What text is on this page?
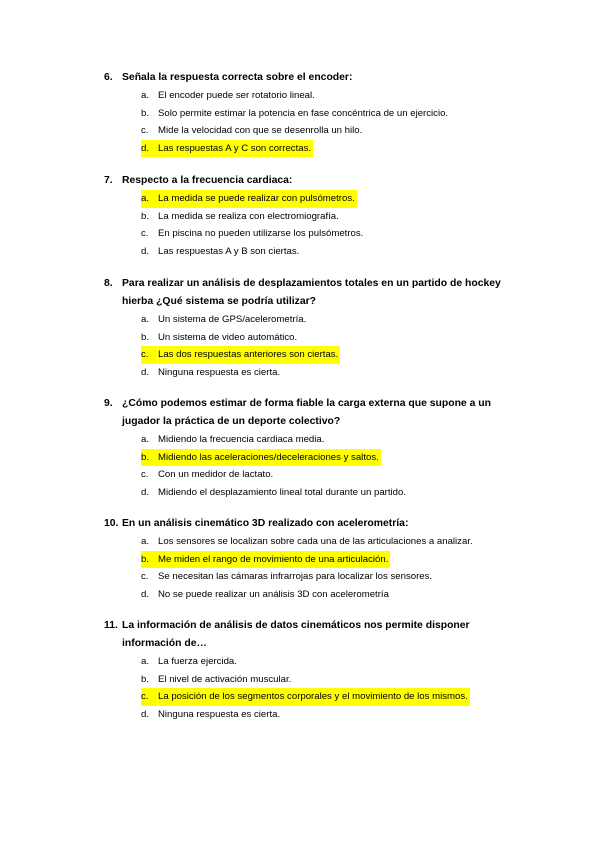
6. Señala la respuesta correcta sobre el encoder:
a. El encoder puede ser rotatorio lineal.
b. Solo permite estimar la potencia en fase concéntrica de un ejercicio.
c. Mide la velocidad con que se desenrolla un hilo.
d. Las respuestas A y C son correctas.
7. Respecto a la frecuencia cardiaca:
a. La medida se puede realizar con pulsómetros.
b. La medida se realiza con electromiografía.
c. En piscina no pueden utilizarse los pulsómetros.
d. Las respuestas A y B son ciertas.
8. Para realizar un análisis de desplazamientos totales en un partido de hockey
hierba ¿Qué sistema se podría utilizar?
a. Un sistema de GPS/acelerometría.
b. Un sistema de video automático.
c. Las dos respuestas anteriores son ciertas.
d. Ninguna respuesta es cierta.
9. ¿Cómo podemos estimar de forma fiable la carga externa que supone a un
jugador la práctica de un deporte colectivo?
a. Midiendo la frecuencia cardiaca media.
b. Midiendo las aceleraciones/deceleraciones y saltos.
c. Con un medidor de lactato.
d. Midiendo el desplazamiento lineal total durante un partido.
10. En un análisis cinemático 3D realizado con acelerometría:
a. Los sensores se localizan sobre cada una de las articulaciones a analizar.
b. Me miden el rango de movimiento de una articulación.
c. Se necesitan las cámaras infrarrojas para localizar los sensores.
d. No se puede realizar un análisis 3D con acelerometría
11. La información de análisis de datos cinemáticos nos permite disponer
información de…
a. La fuerza ejercida.
b. El nivel de activación muscular.
c. La posición de los segmentos corporales y el movimiento de los mismos.
d. Ninguna respuesta es cierta.
